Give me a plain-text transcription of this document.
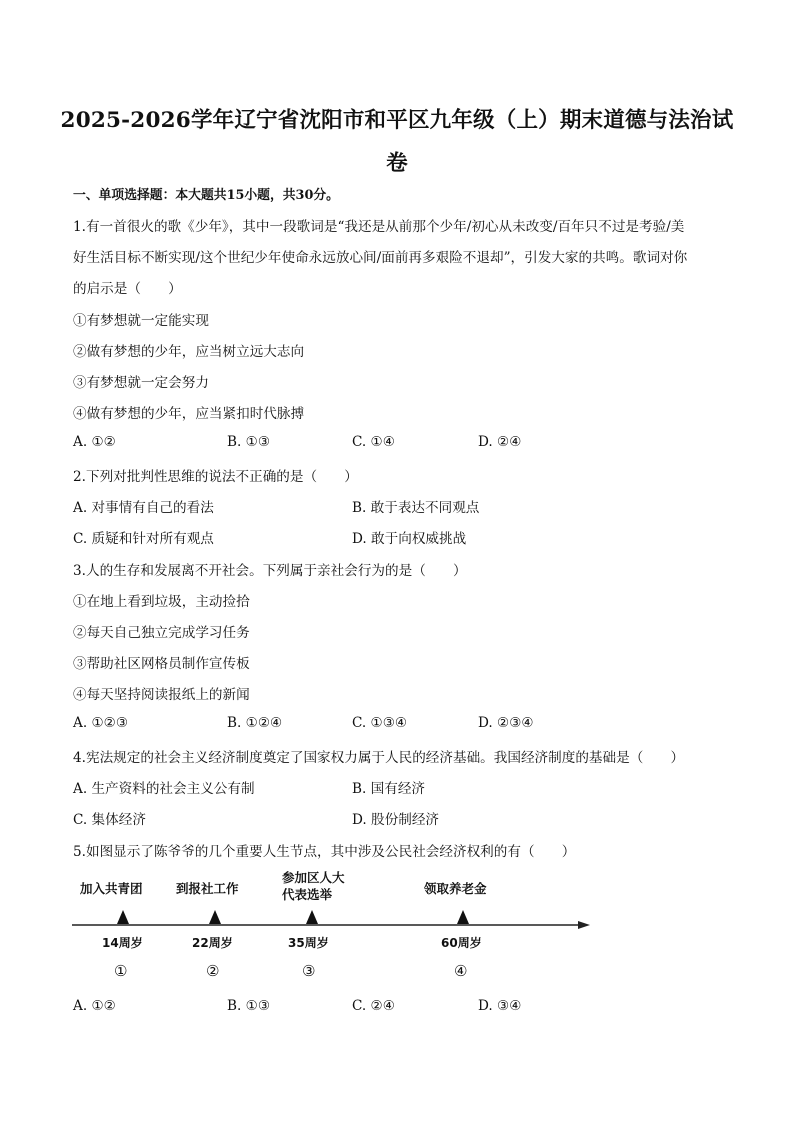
2025-2026学年辽宁省沈阳市和平区九年级（上）期末道德与法治试
卷
一、单项选择题：本大题共15小题，共30分。
1.有一首很火的歌《少年》，其中一段歌词是“我还是从前那个少年/初心从未改变/百年只不过是考验/美
好生活目标不断实现/这个世纪少年使命永远放心间/面前再多艰险不退却”，引发大家的共鸣。歌词对你
的启示是（　　）
①有梦想就一定能实现
②做有梦想的少年，应当树立远大志向
③有梦想就一定会努力
④做有梦想的少年，应当紧扣时代脉搏
A. ①②	B. ①③	C. ①④	D. ②④
2.下列对批判性思维的说法不正确的是（　　）
A. 对事情有自己的看法	B. 敢于表达不同观点
C. 质疑和针对所有观点	D. 敢于向权威挑战
3.人的生存和发展离不开社会。下列属于亲社会行为的是（　　）
①在地上看到垃圾，主动捡拾
②每天自己独立完成学习任务
③帮助社区网格员制作宣传板
④每天坚持阅读报纸上的新闻
A. ①②③	B. ①②④	C. ①③④	D. ②③④
4.宪法规定的社会主义经济制度奠定了国家权力属于人民的经济基础。我国经济制度的基础是（　　）
A. 生产资料的社会主义公有制	B. 国有经济
C. 集体经济	D. 股份制经济
5.如图显示了陈爷爷的几个重要人生节点，其中涉及公民社会经济权利的有（　　）
加入共青团
14周岁
①
到报社工作
22周岁
②
参加区人大
代表选举
35周岁
③
领取养老金
60周岁
④
A. ①②	B. ①③	C. ②④	D. ③④
